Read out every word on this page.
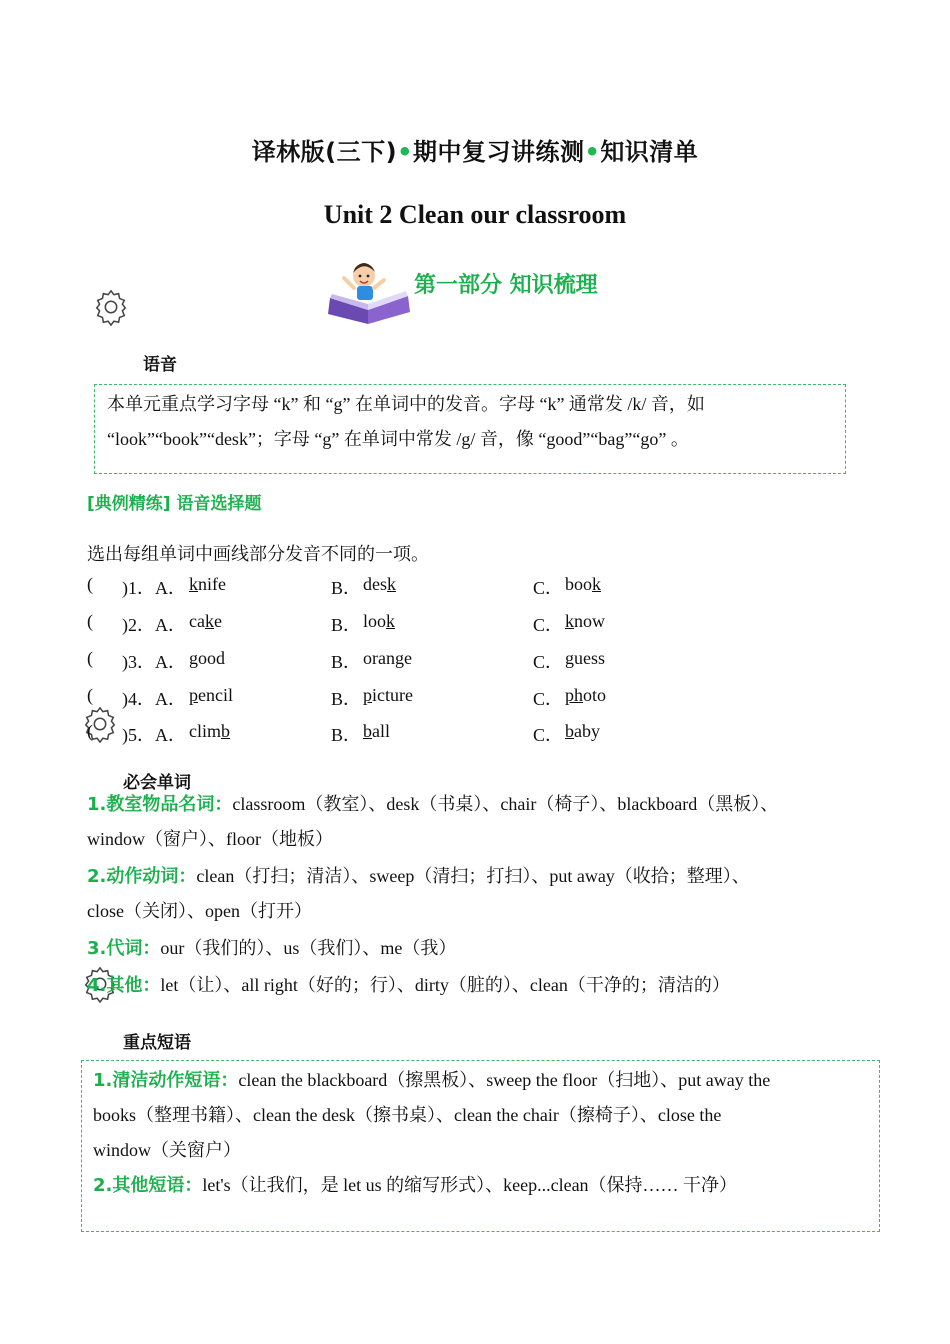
译林版(三下)•期中复习讲练测•知识清单
Unit 2 Clean our classroom
第一部分 知识梳理
语音
本单元重点学习字母 “k” 和 “g” 在单词中的发音。字母 “k” 通常发 /k/ 音，如
“look”“book”“desk”；字母 “g” 在单词中常发 /g/ 音，像 “good”“bag”“go” 。
[典例精练] 语音选择题
选出每组单词中画线部分发音不同的一项。
( )1．A． knife	B． desk	C． book
( )2．A． cake	B． look	C． know
( )3．A． good	B． orange	C． guess
( )4．A． pencil	B． picture	C． photo
( )5．A． climb	B． ball	C． baby
必会单词
1.教室物品名词：classroom（教室）、desk（书桌）、chair（椅子）、blackboard（黑板）、
window（窗户）、floor（地板）
2.动作动词：clean（打扫；清洁）、sweep（清扫；打扫）、put away（收拾；整理）、
close（关闭）、open（打开）
3.代词：our（我们的）、us（我们）、me（我）
4.其他：let（让）、all right（好的；行）、dirty（脏的）、clean（干净的；清洁的）
重点短语
1.清洁动作短语：clean the blackboard（擦黑板）、sweep the floor（扫地）、put away the
books（整理书籍）、clean the desk（擦书桌）、clean the chair（擦椅子）、close the
window（关窗户）
2.其他短语：let's（让我们，是 let us 的缩写形式）、keep...clean（保持…… 干净）
